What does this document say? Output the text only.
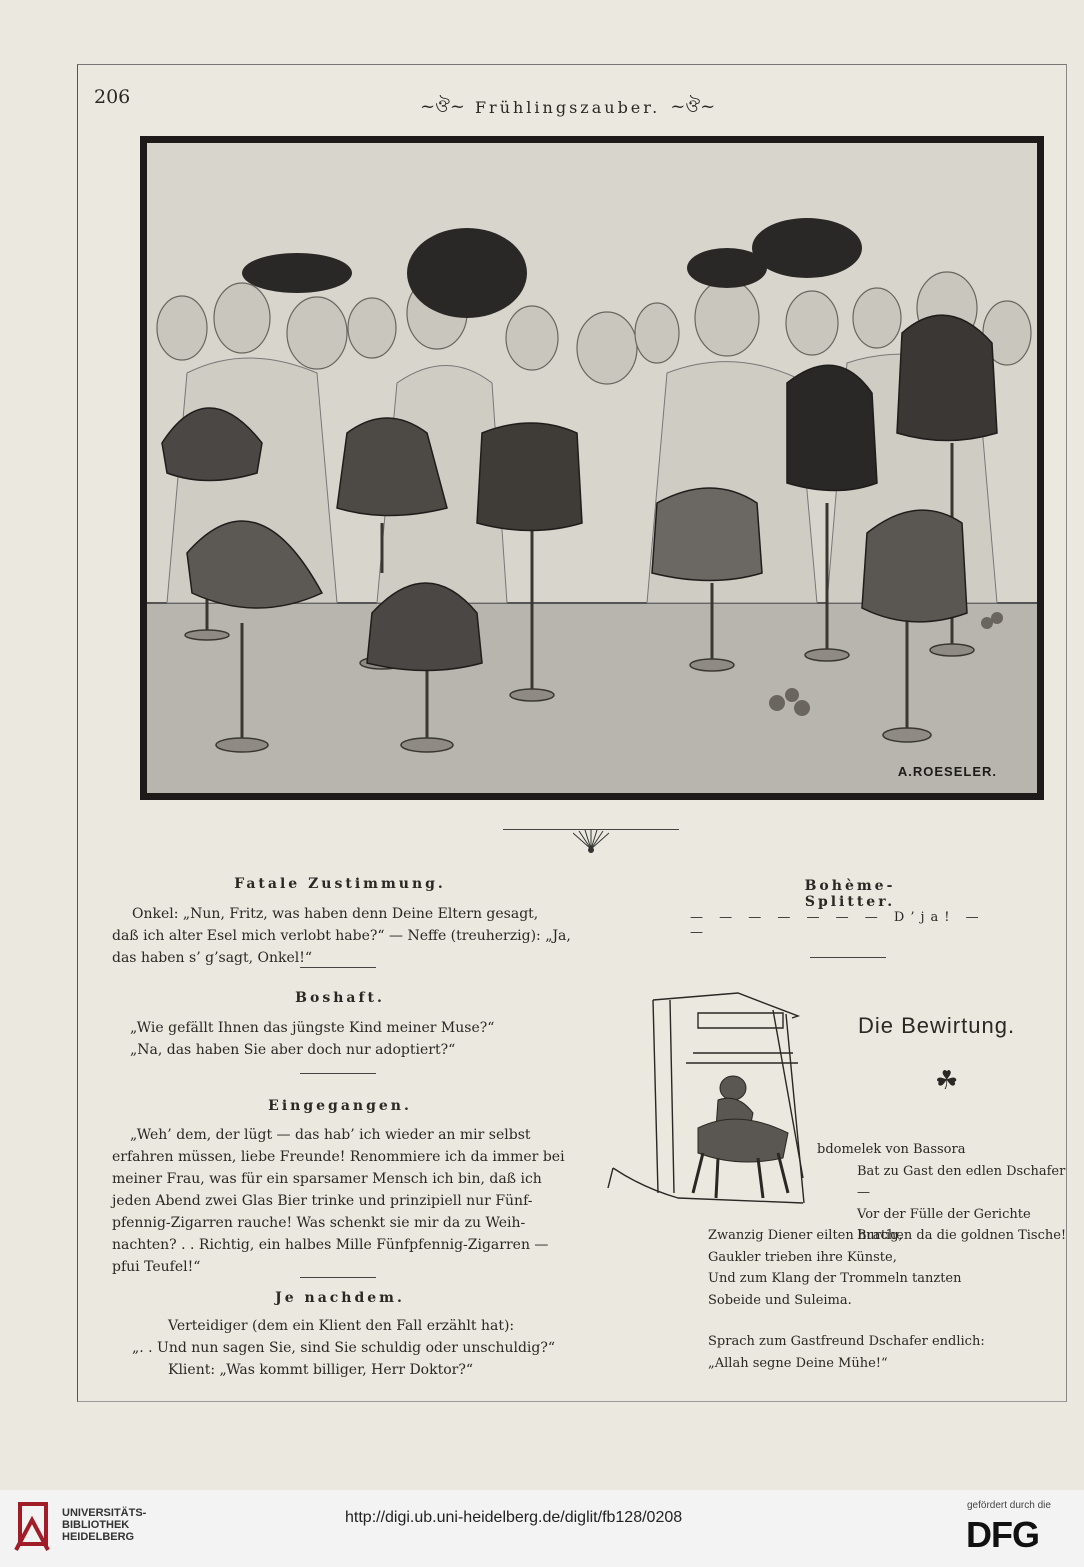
206	~ঔ~ Frühlingszauber. ~ঔ~
A.ROESELER.
Fatale Zustimmung.
Onkel: „Nun, Fritz, was haben denn Deine Eltern gesagt,
daß ich alter Esel mich verlobt habe?“ — Neffe (treuherzig): „Ja,
das haben s’ g’sagt, Onkel!“
Boshaft.
„Wie gefällt Ihnen das jüngste Kind meiner Muse?“
„Na, das haben Sie aber doch nur adoptiert?“
Eingegangen.
„Weh’ dem, der lügt — das hab’ ich wieder an mir selbst
erfahren müssen, liebe Freunde! Renommiere ich da immer bei
meiner Frau, was für ein sparsamer Mensch ich bin, daß ich
jeden Abend zwei Glas Bier trinke und prinzipiell nur Fünf-
pfennig-Zigarren rauche! Was schenkt sie mir da zu Weih-
nachten? . . Richtig, ein halbes Mille Fünfpfennig-Zigarren —
pfui Teufel!“
Je nachdem.
Verteidiger (dem ein Klient den Fall erzählt hat):
„. . Und nun sagen Sie, sind Sie schuldig oder unschuldig?“
Klient: „Was kommt billiger, Herr Doktor?“
Bohème-Splitter.
— — — — — — — D’ja! — —
Die Bewirtung.
☘
bdomelek von Bassora
Bat zu Gast den edlen Dschafer —
Vor der Fülle der Gerichte
Brachen da die goldnen Tische!
Zwanzig Diener eilten hurtig,
Gaukler trieben ihre Künste,
Und zum Klang der Trommeln tanzten
Sobeide und Suleima.
Sprach zum Gastfreund Dschafer endlich:
„Allah segne Deine Mühe!“
UNIVERSITÄTS-
BIBLIOTHEK
HEIDELBERG
http://digi.ub.uni-heidelberg.de/diglit/fb128/0208
gefördert durch die
DFG
